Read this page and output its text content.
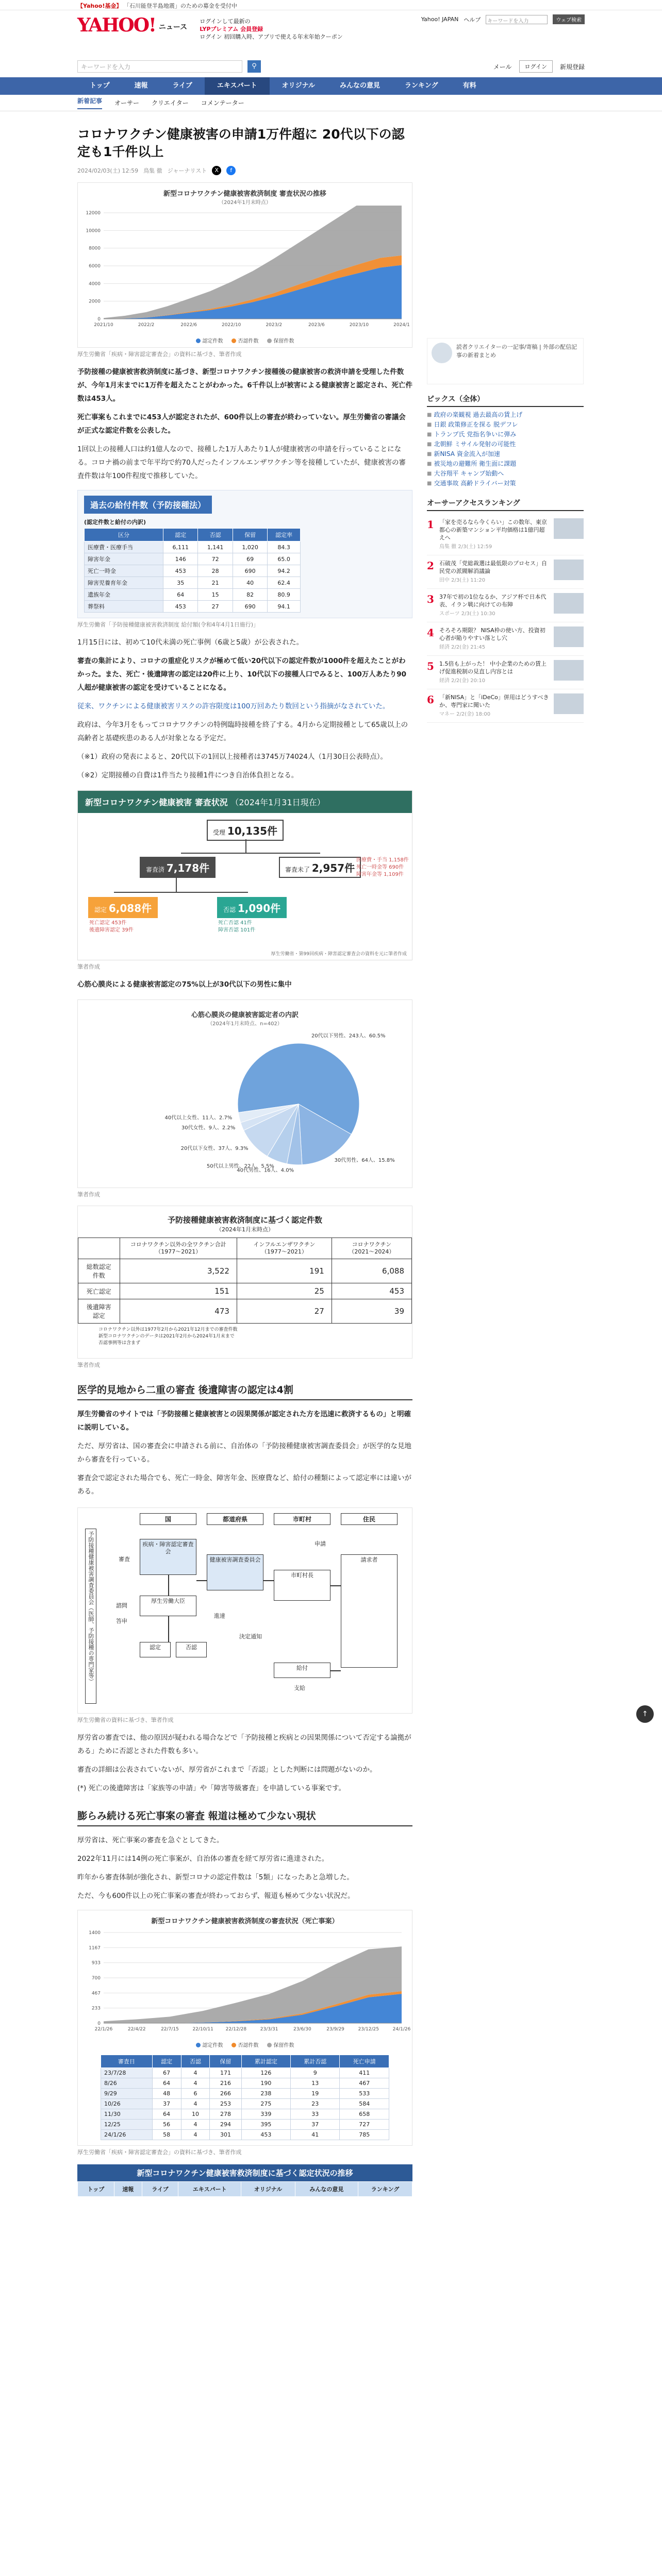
【Yahoo!基金】 「石川能登半島地震」のための募金を受付中
YAHOO! ニュース
ログインして最新の
LYPプレミアム 会員登録
ログイン 初回購入時、アプリで使える年末年始クーポン
Yahoo! JAPAN ヘルプ	キーワードを入力	ウェブ検索
キーワードを入力	⚲	メール	ログイン	新規登録
トップ	速報	ライブ	エキスパート	オリジナル	みんなの意見	ランキング	有料
新着記事 オーサー クリエイター コメンテーター
コロナワクチン健康被害の申請1万件超に 20代以下の認定も1千件以上
2024/02/03(土) 12:59 鳥集 徹 ジャーナリスト	X	f
新型コロナワクチン健康被害救済制度 審査状況の推移
（2024年1月末時点）
0
2000
4000
6000
8000
10000
12000
2021/10	2022/2	2022/6	2022/10	2023/2	2023/6	2023/10	2024/1
認定件数	否認件数	保留件数
厚生労働省「疾病・障害認定審査会」の資料に基づき、筆者作成

予防接種の健康被害救済制度に基づき、新型コロナワクチン接種後の健康被害の救済申請を受理した件数が、今年1月末までに1万件を超えたことがわかった。6千件以上が被害による健康被害と認定され、死亡件数は453人。

死亡事案もこれまでに453人が認定されたが、600件以上の審査が終わっていない。厚生労働省の審議会が正式な認定件数を公表した。

1回以上の接種人口は約1億人なので、接種した1万人あたり1人が健康被害の申請を行っていることになる。コロナ禍の前まで年平均で約70人だったインフルエンザワクチン等を接種していたが、健康被害の審査件数は年100件程度で推移していた。

過去の給付件数（予防接種法）
(認定件数と給付の内訳)
区分	認定	否認	保留	認定率
医療費・医療手当	6,111	1,141	1,020	84.3
障害年金	146	72	69	65.0
死亡一時金	453	28	690	94.2
障害児養育年金	35	21	40	62.4
遺族年金	64	15	82	80.9
葬祭料	453	27	690	94.1
厚生労働省「予防接種健康被害救済制度 給付額(令和4年4月1日施行)」

1月15日には、初めて10代未満の死亡事例（6歳と5歳）が公表された。

審査の集計により、コロナの重症化リスクが極めて低い20代以下の認定件数が1000件を超えたことがわかった。また、死亡・後遺障害の認定は20件に上り、10代以下の接種人口でみると、100万人あたり90人超が健康被害の認定を受けていることになる。

従来、ワクチンによる健康被害リスクの許容限度は100万回あたり数回という指摘がなされていた。

政府は、今年3月をもってコロナワクチンの特例臨時接種を終了する。4月から定期接種として65歳以上の高齢者と基礎疾患のある人が対象となる予定だ。

（※1）政府の発表によると、20代以下の1回以上接種者は3745万74024人（1月30日公表時点）。

（※2）定期接種の自費は1件当たり接種1件につき自治体負担となる。

新型コロナワクチン健康被害 審査状況 （2024年1月31日現在）
受理 10,135件
審査済 7,178件	審査未了 2,957件
医療費・手当 1,158件
死亡一時金等 690件
障害年金等 1,109件
認定 6,088件
死亡認定 453件
後遺障害認定 39件
否認 1,090件
死亡否認 41件
障害否認 101件
厚生労働省・第99回疾病・障害認定審査会の資料を元に筆者作成
筆者作成

心筋心膜炎による健康被害認定の75%以上が30代以下の男性に集中

心筋心膜炎の健康被害認定者の内訳
（2024年1月末時点、n=402）
20代以下男性、243人、60.5%
30代男性、64人、15.8%
40代男性、16人、4.0%
50代以上男性、22人、5.5%
20代以下女性、37人、9.3%
30代女性、9人、2.2%
40代以上女性、11人、2.7%
筆者作成
予防接種健康被害救済制度に基づく認定件数
（2024年1月末時点）
	コロナワクチン以外の全ワクチン合計（1977〜2021）	インフルエンザワクチン（1977〜2021）	コロナワクチン（2021〜2024）
総数認定件数	3,522	191	6,088
死亡認定	151	25	453
後遺障害認定	473	27	39
コロナワクチン以外は1977年2月から2021年12月までの審査件数
新型コロナワクチンのデータは2021年2月から2024年1月末まで
否認事例等は含まず
筆者作成
医学的見地から二重の審査 後遺障害の認定は4割

厚生労働省のサイトでは「予防接種と健康被害との因果関係が認定された方を迅速に救済するもの」と明確に説明している。

ただ、厚労省は、国の審査会に申請される前に、自治体の「予防接種健康被害調査委員会」が医学的な見地から審査を行っている。

審査会で認定された場合でも、死亡一時金、障害年金、医療費など、給付の種類によって認定率には違いがある。

国	都道府県	市町村	住民
予防接種健康被害調査委員会（医師、予防接種の専門家等）	疾病・障害認定審査会
厚生労働大臣
健康被害調査委員会
市町村長
請求者
認定	否認
給付
進達
審査
諮問
答申
申請
決定通知
支給
厚生労働省の資料に基づき、筆者作成

厚労省の審査では、他の原因が疑われる場合などで「予防接種と疾病との因果関係について否定する論拠がある」ために否認とされた件数も多い。

審査の詳細は公表されていないが、厚労省がこれまで「否認」とした判断には問題がないのか。

(*) 死亡の後遺障害は「家族等の申請」や「障害等級審査」を申請している事案です。

膨らみ続ける死亡事案の審査 報道は極めて少ない現状

厚労省は、死亡事案の審査を急ぐとしてきた。

2022年11月には14例の死亡事案が、自治体の審査を経て厚労省に進達された。

昨年から審査体制が強化され、新型コロナの認定件数は「5類」になったあと急増した。

ただ、今も600件以上の死亡事案の審査が終わっておらず、報道も極めて少ない状況だ。

新型コロナワクチン健康被害救済制度の審査状況（死亡事案）
0
233
467
700
933
1167
1400
22/1/26	22/4/22	22/7/15	22/10/11	22/12/28	23/3/31	23/6/30	23/9/29	23/12/25	24/1/26
認定件数	否認件数	保留件数
審査日	認定	否認	保留	累計認定	累計否認	死亡申請
23/7/28	67	4	171	126	9	411
8/26	64	4	216	190	13	467
9/29	48	6	266	238	19	533
10/26	37	4	253	275	23	584
11/30	64	10	278	339	33	658
12/25	56	4	294	395	37	727
24/1/26	58	4	301	453	41	785
厚生労働省「疾病・障害認定審査会」の資料に基づき、筆者作成
新型コロナワクチン健康被害救済制度に基づく認定状況の推移
トップ	速報	ライブ	エキスパート	オリジナル	みんなの意見	ランキング
読者クリエイターの一記事/寄稿 | 外部の配信記事の新着まとめ
ピックス（全体）
■ 政府の楽観視 過去最高の賃上げ
■ 日銀 政策修正を探る 脱デフレ
■ トランプ氏 党指名争いに弾み
■ 北朝鮮 ミサイル発射の可能性
■ 新NISA 資金流入が加速
■ 被災地の避難所 衛生面に課題
■ 大谷翔平 キャンプ始動へ
■ 交通事故 高齢ドライバー対策
オーサーアクセスランキング
1 「家を売るなら今くらい」この数年、東京都心の新築マンション平均価格は1億円超えへ
鳥集 徹 2/3(土) 12:59
2 石破茂「党総裁選は最低限のプロセス」自民党の派閥解消議論
田中 2/3(土) 11:20
3 37年で初の1位なるか、アジア杯で日本代表、イラン戦に向けての布陣
スポーツ 2/3(土) 10:30
4 そろそろ期限？ NISA枠の使い方、投資初心者が陥りやすい落とし穴
経済 2/2(金) 21:45
5 1.5倍も上がった！ 中小企業のための賃上げ促進税制の見直し内容とは
経済 2/2(金) 20:10
6 「新NISA」と「iDeCo」併用はどうすべきか、専門家に聞いた
マネー 2/2(金) 18:00
↑
